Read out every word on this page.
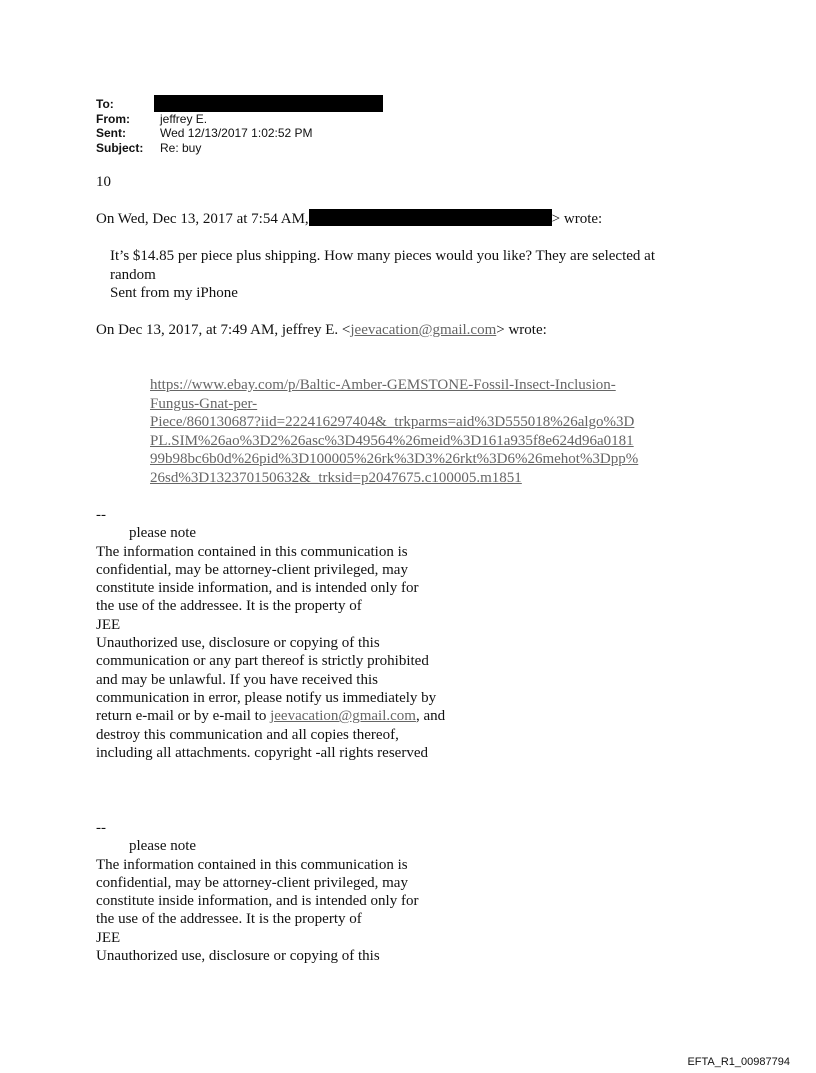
To:
From:	jeffrey E.
Sent:	Wed 12/13/2017 1:02:52 PM
Subject:	Re: buy
10
On Wed, Dec 13, 2017 at 7:54 AM,	> wrote:
It’s $14.85 per piece plus shipping. How many pieces would you like? They are selected at
random
Sent from my iPhone
On Dec 13, 2017, at 7:49 AM, jeffrey E. <jeevacation@gmail.com> wrote:
https://www.ebay.com/p/Baltic-Amber-GEMSTONE-Fossil-Insect-Inclusion-
Fungus-Gnat-per-
Piece/860130687?iid=222416297404&_trkparms=aid%3D555018%26algo%3D
PL.SIM%26ao%3D2%26asc%3D49564%26meid%3D161a935f8e624d96a0181
99b98bc6b0d%26pid%3D100005%26rk%3D3%26rkt%3D6%26mehot%3Dpp%
26sd%3D132370150632&_trksid=p2047675.c100005.m1851
--
please note
The information contained in this communication is
confidential, may be attorney-client privileged, may
constitute inside information, and is intended only for
the use of the addressee. It is the property of
JEE
Unauthorized use, disclosure or copying of this
communication or any part thereof is strictly prohibited
and may be unlawful. If you have received this
communication in error, please notify us immediately by
return e-mail or by e-mail to jeevacation@gmail.com, and
destroy this communication and all copies thereof,
including all attachments. copyright -all rights reserved
--
please note
The information contained in this communication is
confidential, may be attorney-client privileged, may
constitute inside information, and is intended only for
the use of the addressee. It is the property of
JEE
Unauthorized use, disclosure or copying of this
EFTA_R1_00987794
